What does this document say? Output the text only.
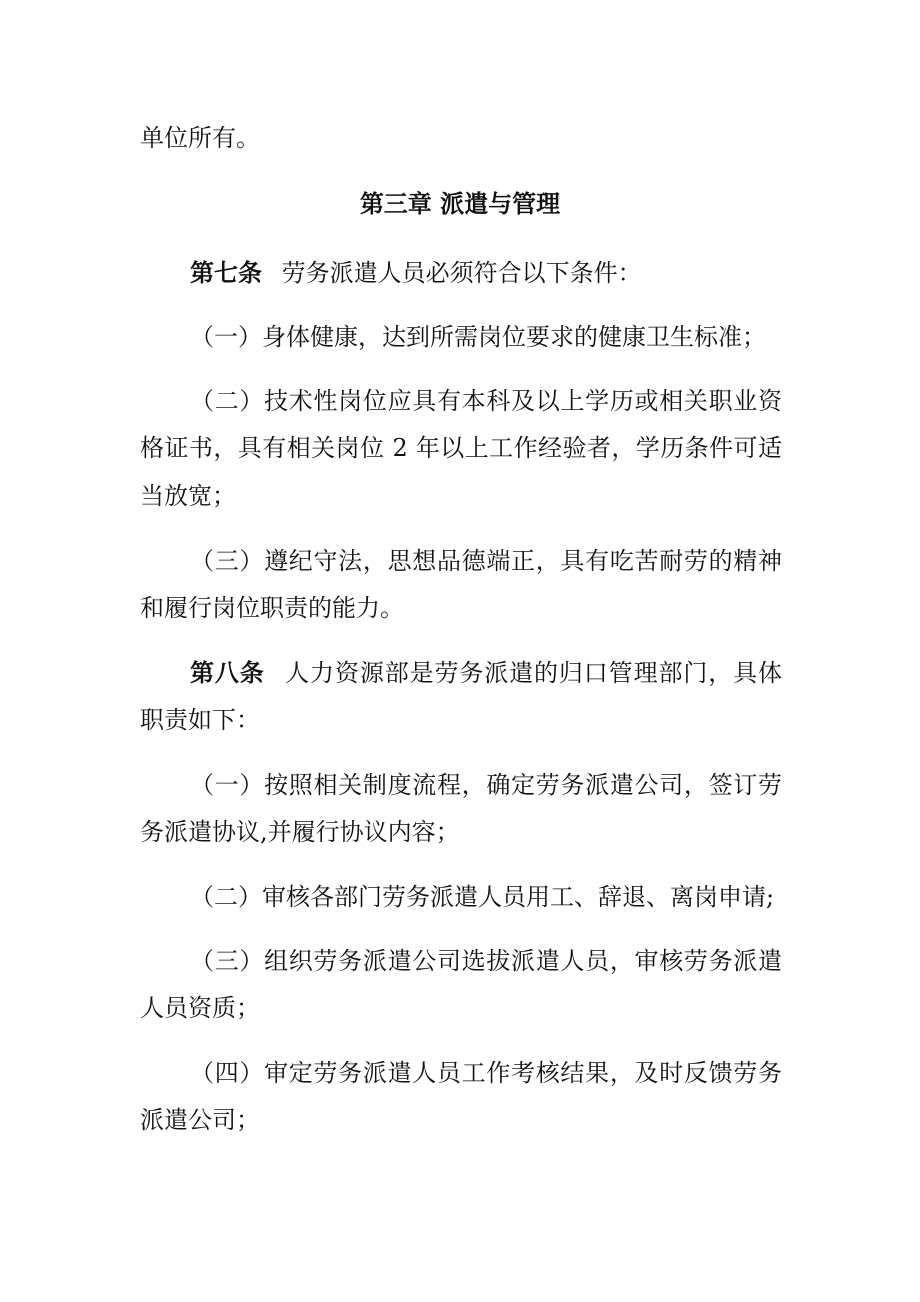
单位所有。
第三章 派遣与管理
第七条 劳务派遣人员必须符合以下条件：
（一）身体健康，达到所需岗位要求的健康卫生标准；
（二）技术性岗位应具有本科及以上学历或相关职业资
格证书，具有相关岗位 2 年以上工作经验者，学历条件可适
当放宽；
（三）遵纪守法，思想品德端正，具有吃苦耐劳的精神
和履行岗位职责的能力。
第八条 人力资源部是劳务派遣的归口管理部门，具体
职责如下：
（一）按照相关制度流程，确定劳务派遣公司，签订劳
务派遣协议,并履行协议内容；
（二）审核各部门劳务派遣人员用工、辞退、离岗申请;
（三）组织劳务派遣公司选拔派遣人员，审核劳务派遣
人员资质；
（四）审定劳务派遣人员工作考核结果，及时反馈劳务
派遣公司；
